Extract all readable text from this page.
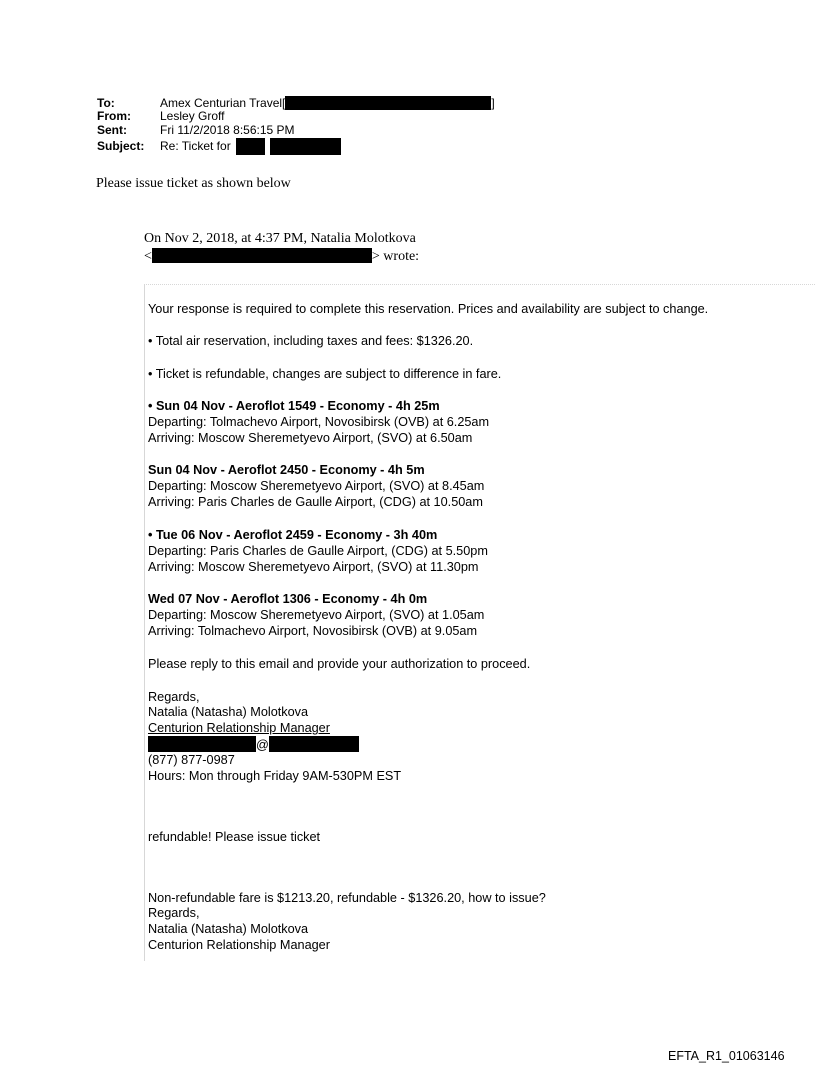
To:	Amex Centurian Travel[	]
From: Lesley Groff
Sent:	Fri 11/2/2018 8:56:15 PM
Subject: Re: Ticket for
Please issue ticket as shown below
On Nov 2, 2018, at 4:37 PM, Natalia Molotkova
<	> wrote:
Your response is required to complete this reservation. Prices and availability are subject to change.
• Total air reservation, including taxes and fees: $1326.20.
• Ticket is refundable, changes are subject to difference in fare.
• Sun 04 Nov - Aeroflot 1549 - Economy - 4h 25m
Departing: Tolmachevo Airport, Novosibirsk (OVB) at 6.25am
Arriving: Moscow Sheremetyevo Airport, (SVO) at 6.50am
Sun 04 Nov - Aeroflot 2450 - Economy - 4h 5m
Departing: Moscow Sheremetyevo Airport, (SVO) at 8.45am
Arriving: Paris Charles de Gaulle Airport, (CDG) at 10.50am
• Tue 06 Nov - Aeroflot 2459 - Economy - 3h 40m
Departing: Paris Charles de Gaulle Airport, (CDG) at 5.50pm
Arriving: Moscow Sheremetyevo Airport, (SVO) at 11.30pm
Wed 07 Nov - Aeroflot 1306 - Economy - 4h 0m
Departing: Moscow Sheremetyevo Airport, (SVO) at 1.05am
Arriving: Tolmachevo Airport, Novosibirsk (OVB) at 9.05am
Please reply to this email and provide your authorization to proceed.
Regards,
Natalia (Natasha) Molotkova
Centurion Relationship Manager
@
(877) 877-0987
Hours: Mon through Friday 9AM-530PM EST
refundable! Please issue ticket
Non-refundable fare is $1213.20, refundable - $1326.20, how to issue?
Regards,
Natalia (Natasha) Molotkova
Centurion Relationship Manager
EFTA_R1_01063146
